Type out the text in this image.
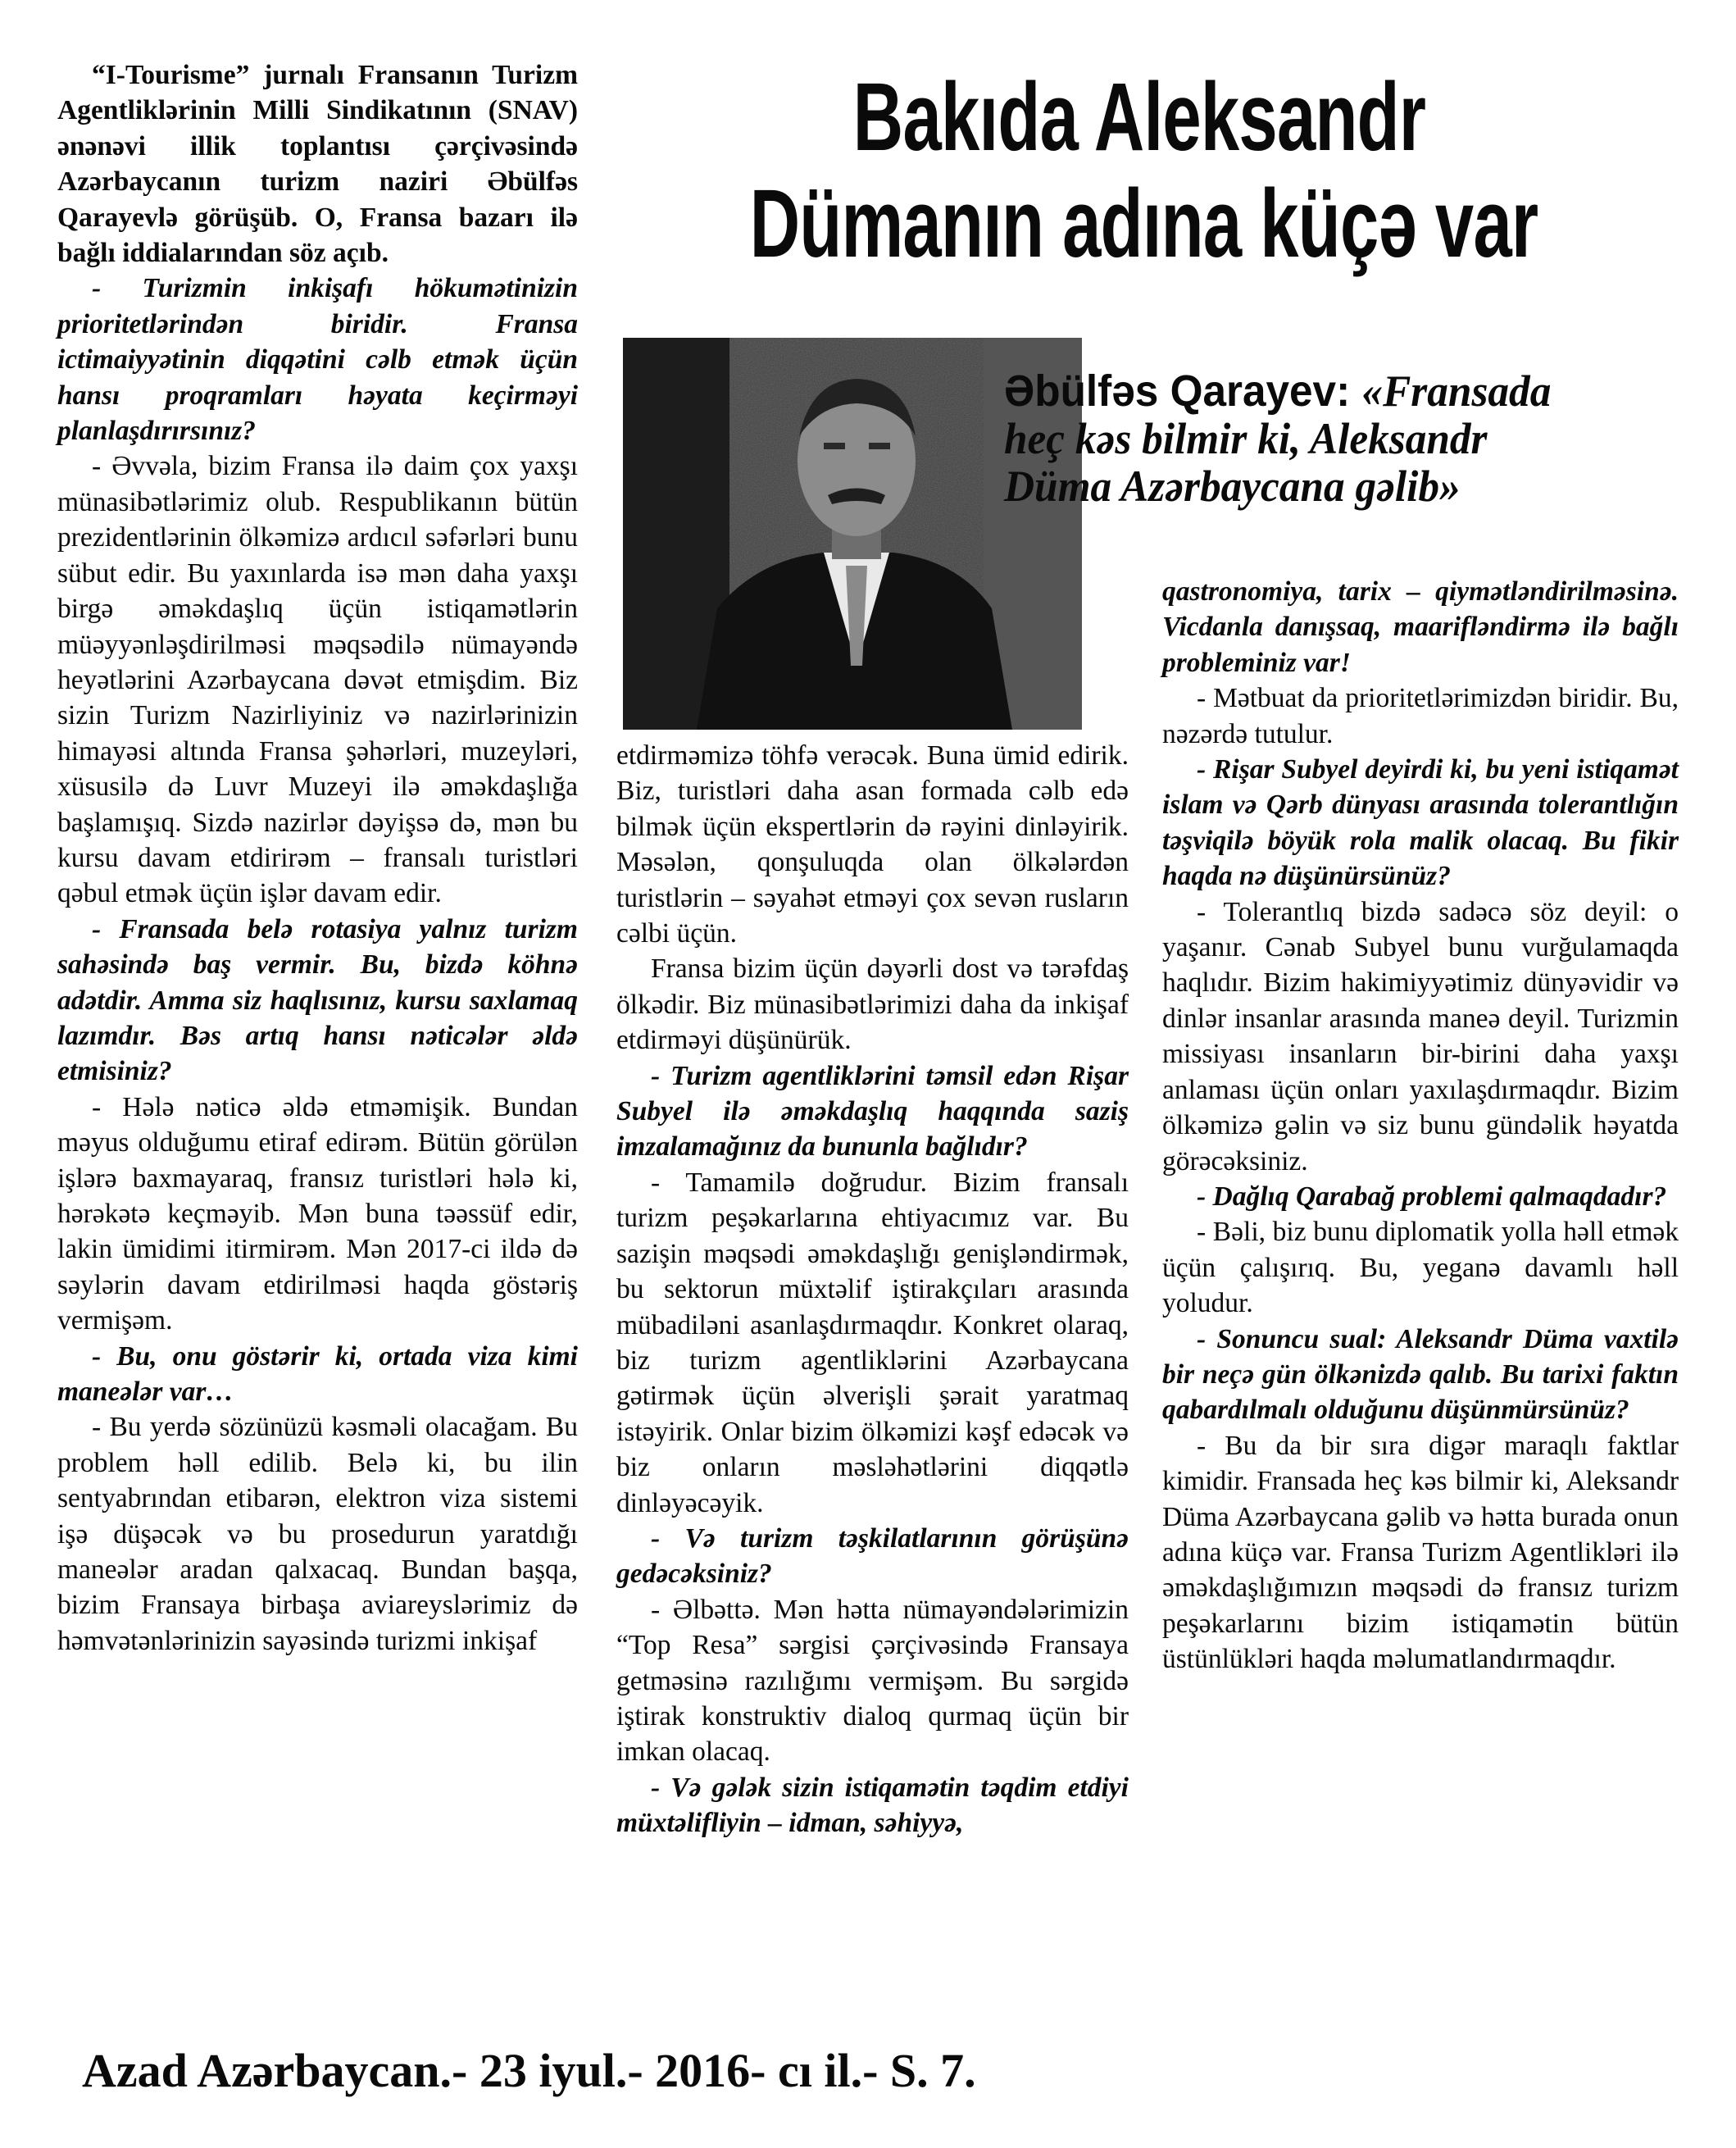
Bakıda Aleksandr
Dümanın adına küçə var
Əbülfəs Qarayev: «Fransada
heç kəs bilmir ki, Aleksandr
Düma Azərbaycana gəlib»

“I-Tourisme” jurnalı Fransanın Turizm Agentliklərinin Milli Sindikatının (SNAV) ənənəvi illik toplantısı çərçivəsində Azərbaycanın turizm naziri Əbülfəs Qarayevlə görüşüb. O, Fransa bazarı ilə bağlı iddialarından söz açıb.

- Turizmin inkişafı hökumətinizin prioritetlərindən biridir. Fransa ictimaiyyətinin diqqətini cəlb etmək üçün hansı proqramları həyata keçirməyi planlaşdırırsınız?

- Əvvəla, bizim Fransa ilə daim çox yaxşı münasibətlərimiz olub. Respublikanın bütün prezidentlərinin ölkəmizə ardıcıl səfərləri bunu sübut edir. Bu yaxınlarda isə mən daha yaxşı birgə əməkdaşlıq üçün istiqamətlərin müəyyənləşdirilməsi məqsədilə nümayəndə heyətlərini Azərbaycana dəvət etmişdim. Biz sizin Turizm Nazirliyiniz və nazirlərinizin himayəsi altında Fransa şəhərləri, muzeyləri, xüsusilə də Luvr Muzeyi ilə əməkdaşlığa başlamışıq. Sizdə nazirlər dəyişsə də, mən bu kursu davam etdirirəm – fransalı turistləri qəbul etmək üçün işlər davam edir.

- Fransada belə rotasiya yalnız turizm sahəsində baş vermir. Bu, bizdə köhnə adətdir. Amma siz haqlısınız, kursu saxlamaq lazımdır. Bəs artıq hansı nəticələr əldə etmisiniz?

- Hələ nəticə əldə etməmişik. Bundan məyus olduğumu etiraf edirəm. Bütün görülən işlərə baxmayaraq, fransız turistləri hələ ki, hərəkətə keçməyib. Mən buna təəssüf edir, lakin ümidimi itirmirəm. Mən 2017-ci ildə də səylərin davam etdirilməsi haqda göstəriş vermişəm.

- Bu, onu göstərir ki, ortada viza kimi maneələr var…

- Bu yerdə sözünüzü kəsməli olacağam. Bu problem həll edilib. Belə ki, bu ilin sentyabrından etibarən, elektron viza sistemi işə düşəcək və bu prosedurun yaratdığı maneələr aradan qalxacaq. Bundan başqa, bizim Fransaya birbaşa aviareyslərimiz də həmvətənlərinizin sayəsində turizmi inkişaf

etdirməmizə töhfə verəcək. Buna ümid edirik. Biz, turistləri daha asan formada cəlb edə bilmək üçün ekspertlərin də rəyini dinləyirik. Məsələn, qonşuluqda olan ölkələrdən turistlərin – səyahət etməyi çox sevən rusların cəlbi üçün.

Fransa bizim üçün dəyərli dost və tərəfdaş ölkədir. Biz münasibətlərimizi daha da inkişaf etdirməyi düşünürük.

- Turizm agentliklərini təmsil edən Rişar Subyel ilə əməkdaşlıq haqqında saziş imzalamağınız da bununla bağlıdır?

- Tamamilə doğrudur. Bizim fransalı turizm peşəkarlarına ehtiyacımız var. Bu sazişin məqsədi əməkdaşlığı genişləndirmək, bu sektorun müxtəlif iştirakçıları arasında mübadiləni asanlaşdırmaqdır. Konkret olaraq, biz turizm agentliklərini Azərbaycana gətirmək üçün əlverişli şərait yaratmaq istəyirik. Onlar bizim ölkəmizi kəşf edəcək və biz onların məsləhətlərini diqqətlə dinləyəcəyik.

- Və turizm təşkilatlarının görüşünə gedəcəksiniz?

- Əlbəttə. Mən hətta nümayəndələrimizin “Top Resa” sərgisi çərçivəsində Fransaya getməsinə razılığımı vermişəm. Bu sərgidə iştirak konstruktiv dialoq qurmaq üçün bir imkan olacaq.

- Və gələk sizin istiqamətin təqdim etdiyi müxtəlifliyin – idman, səhiyyə,

qastronomiya, tarix – qiymətləndirilməsinə. Vicdanla danışsaq, maarifləndirmə ilə bağlı probleminiz var!

- Mətbuat da prioritetlərimizdən biridir. Bu, nəzərdə tutulur.

- Rişar Subyel deyirdi ki, bu yeni istiqamət islam və Qərb dünyası arasında tolerantlığın təşviqilə böyük rola malik olacaq. Bu fikir haqda nə düşünürsünüz?

- Tolerantlıq bizdə sadəcə söz deyil: o yaşanır. Cənab Subyel bunu vurğulamaqda haqlıdır. Bizim hakimiyyətimiz dünyəvidir və dinlər insanlar arasında maneə deyil. Turizmin missiyası insanların bir-birini daha yaxşı anlaması üçün onları yaxılaşdırmaqdır. Bizim ölkəmizə gəlin və siz bunu gündəlik həyatda görəcəksiniz.

- Dağlıq Qarabağ problemi qalmaqdadır?

- Bəli, biz bunu diplomatik yolla həll etmək üçün çalışırıq. Bu, yeganə davamlı həll yoludur.

- Sonuncu sual: Aleksandr Düma vaxtilə bir neçə gün ölkənizdə qalıb. Bu tarixi faktın qabardılmalı olduğunu düşünmürsünüz?

- Bu da bir sıra digər maraqlı faktlar kimidir. Fransada heç kəs bilmir ki, Aleksandr Düma Azərbaycana gəlib və hətta burada onun adına küçə var. Fransa Turizm Agentlikləri ilə əməkdaşlığımızın məqsədi də fransız turizm peşəkarlarını bizim istiqamətin bütün üstünlükləri haqda məlumatlandırmaqdır.

Azad Azərbaycan.- 23 iyul.- 2016- cı il.- S. 7.
